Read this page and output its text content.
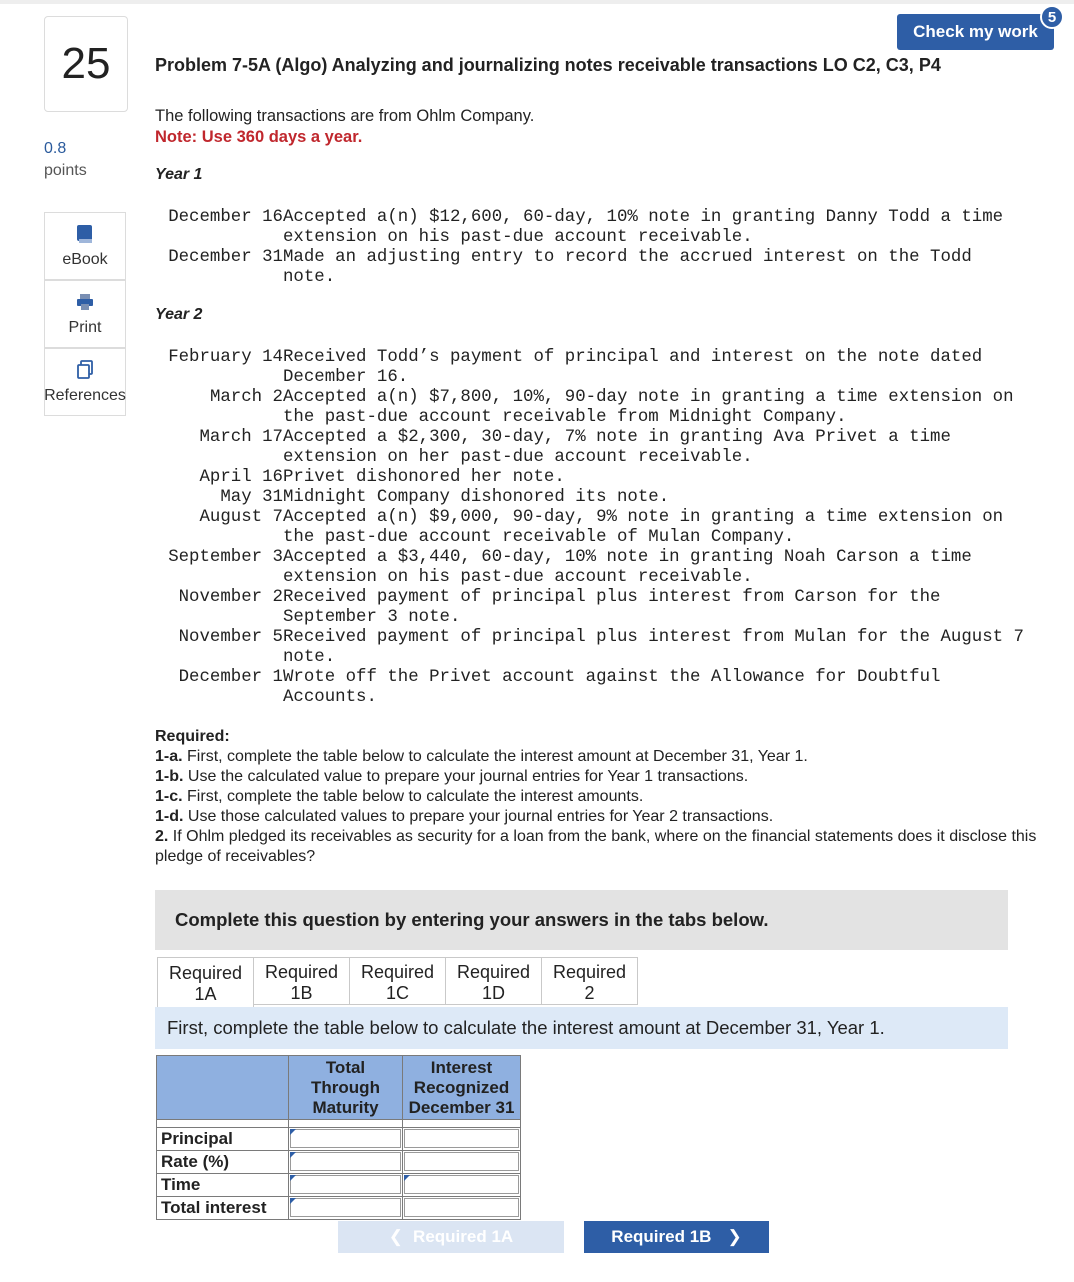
25
0.8
points
eBook
Print
References
Check my work
5
Problem 7-5A (Algo) Analyzing and journalizing notes receivable transactions LO C2, C3, P4
The following transactions are from Ohlm Company.
Note: Use 360 days a year.
Year 1
December 16 Accepted a(n) $12,600, 60-day, 10% note in granting Danny Todd a time
extension on his past-due account receivable.
December 31 Made an adjusting entry to record the accrued interest on the Todd
note.
Year 2
February 14 Received Todd’s payment of principal and interest on the note dated
December 16.
March 2 Accepted a(n) $7,800, 10%, 90-day note in granting a time extension on
the past-due account receivable from Midnight Company.
March 17 Accepted a $2,300, 30-day, 7% note in granting Ava Privet a time
extension on her past-due account receivable.
April 16 Privet dishonored her note.
May 31 Midnight Company dishonored its note.
August 7 Accepted a(n) $9,000, 90-day, 9% note in granting a time extension on
the past-due account receivable of Mulan Company.
September 3 Accepted a $3,440, 60-day, 10% note in granting Noah Carson a time
extension on his past-due account receivable.
November 2 Received payment of principal plus interest from Carson for the
September 3 note.
November 5 Received payment of principal plus interest from Mulan for the August 7
note.
December 1 Wrote off the Privet account against the Allowance for Doubtful
Accounts.
Required:
1-a. First, complete the table below to calculate the interest amount at December 31, Year 1.
1-b. Use the calculated value to prepare your journal entries for Year 1 transactions.
1-c. First, complete the table below to calculate the interest amounts.
1-d. Use those calculated values to prepare your journal entries for Year 2 transactions.
2. If Ohlm pledged its receivables as security for a loan from the bank, where on the financial statements does it disclose this pledge of receivables?
Complete this question by entering your answers in the tabs below.
Required
1A
Required
1B
Required
1C
Required
1D
Required
2
First, complete the table below to calculate the interest amount at December 31, Year 1.
	Total
Through
Maturity	Interest
Recognized
December 31

Principal	

Rate (%)	

Time	

Total interest	

❮ Required 1A	Required 1B ❯
